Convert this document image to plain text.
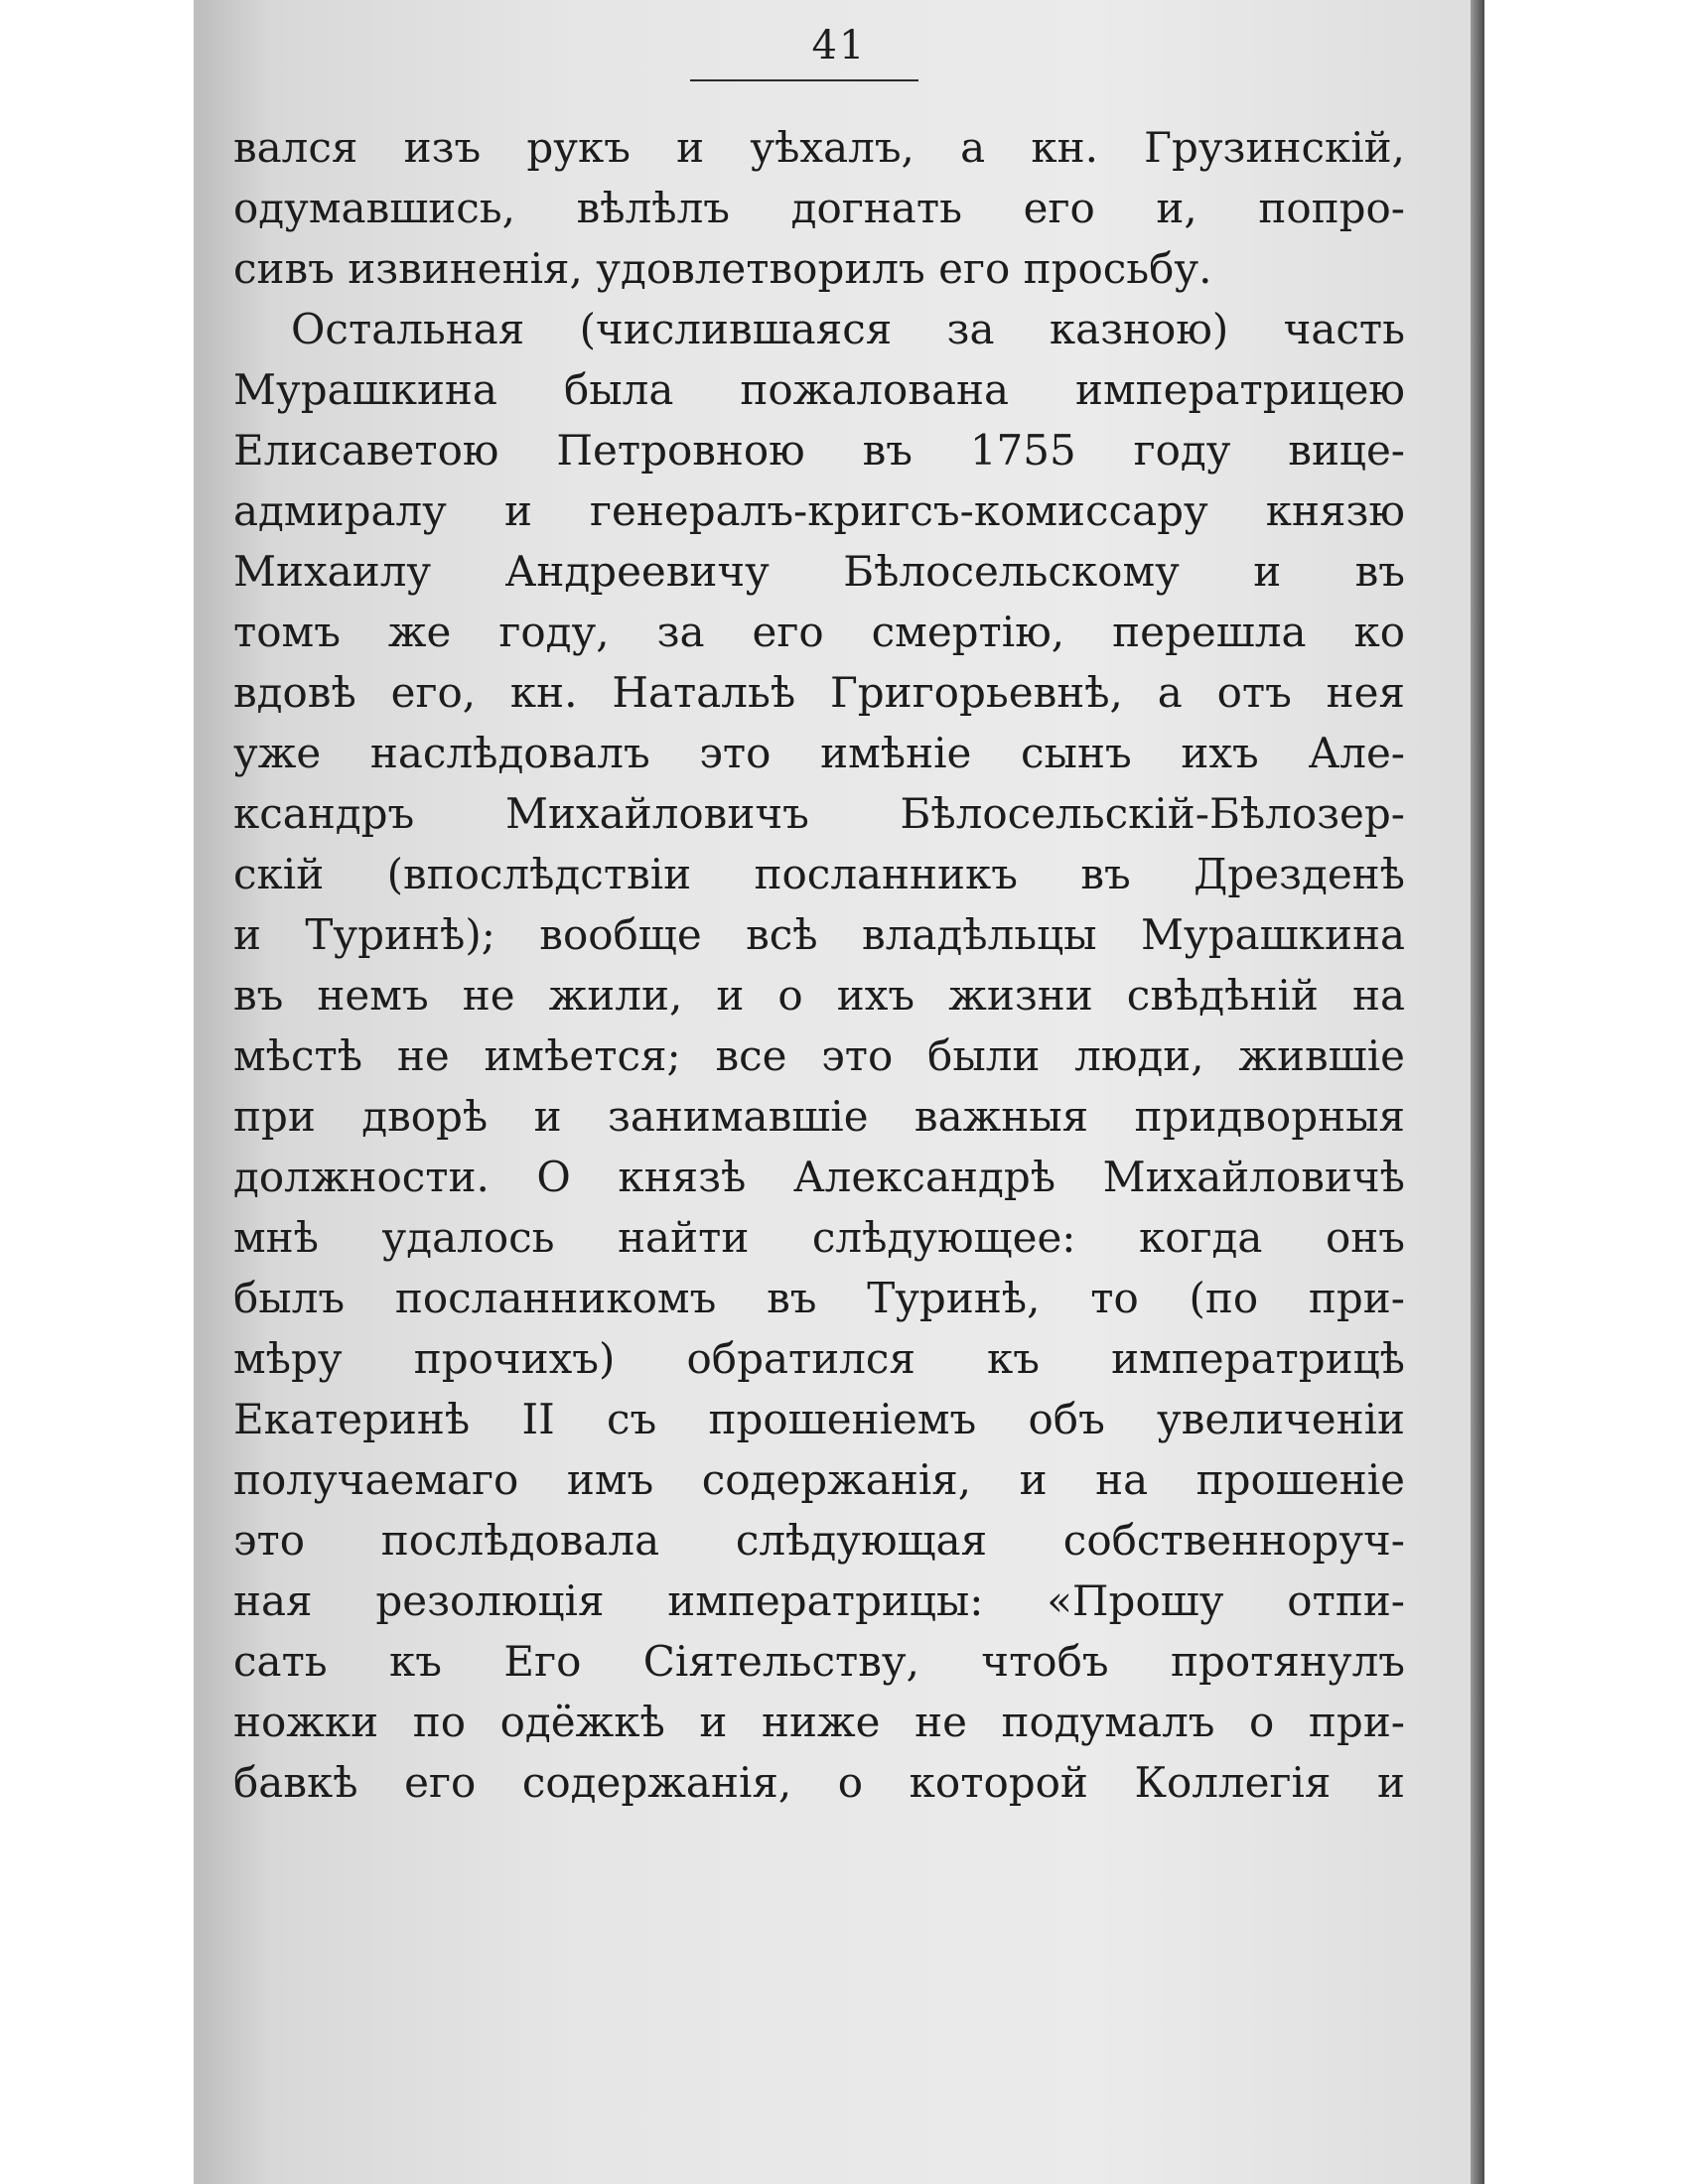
41
вался изъ рукъ и уѣхалъ, а кн. Грузинскій,
одумавшись, вѣлѣлъ догнать его и, попро-
сивъ извиненія, удовлетворилъ его просьбу.
Остальная (числившаяся за казною) часть
Мурашкина была пожалована императрицею
Елисаветою Петровною въ 1755 году вице-
адмиралу и генералъ-кригсъ-комиссару князю
Михаилу Андреевичу Бѣлосельскому и въ
томъ же году, за его смертію, перешла ко
вдовѣ его, кн. Натальѣ Григорьевнѣ, а отъ нея
уже наслѣдовалъ это имѣніе сынъ ихъ Але-
ксандръ Михайловичъ Бѣлосельскій-Бѣлозер-
скій (впослѣдствіи посланникъ въ Дрезденѣ
и Туринѣ); вообще всѣ владѣльцы Мурашкина
въ немъ не жили, и о ихъ жизни свѣдѣній на
мѣстѣ не имѣется; все это были люди, жившіе
при дворѣ и занимавшіе важныя придворныя
должности. О князѣ Александрѣ Михайловичѣ
мнѣ удалось найти слѣдующее: когда онъ
былъ посланникомъ въ Туринѣ, то (по при-
мѣру прочихъ) обратился къ императрицѣ
Екатеринѣ II съ прошеніемъ объ увеличеніи
получаемаго имъ содержанія, и на прошеніе
это послѣдовала слѣдующая собственноруч-
ная резолюція императрицы: «Прошу отпи-
сать къ Его Сіятельству, чтобъ протянулъ
ножки по одёжкѣ и ниже не подумалъ о при-
бавкѣ его содержанія, о которой Коллегія и
